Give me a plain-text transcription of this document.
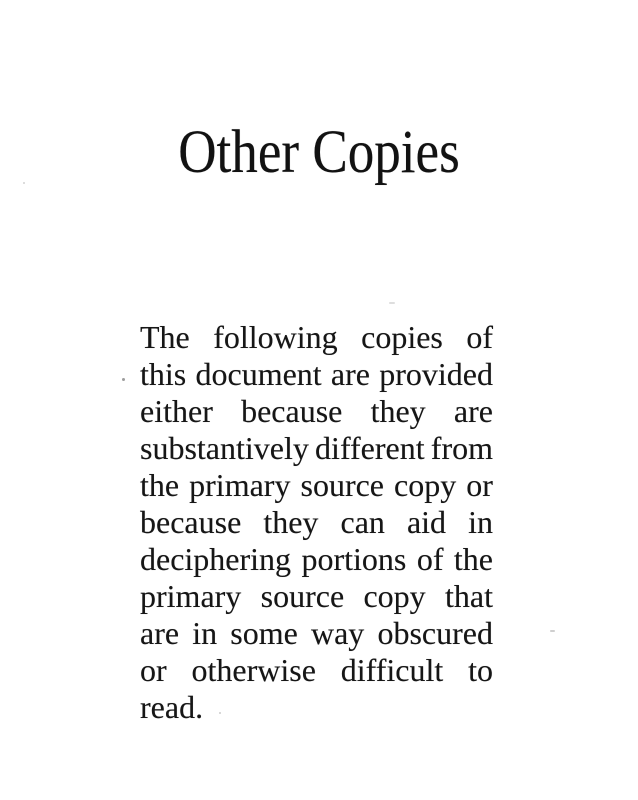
Other Copies
The following copies of
this document are provided
either because they are
substantively different from
the primary source copy or
because they can aid in
deciphering portions of the
primary source copy that
are in some way obscured
or otherwise difficult to
read.
